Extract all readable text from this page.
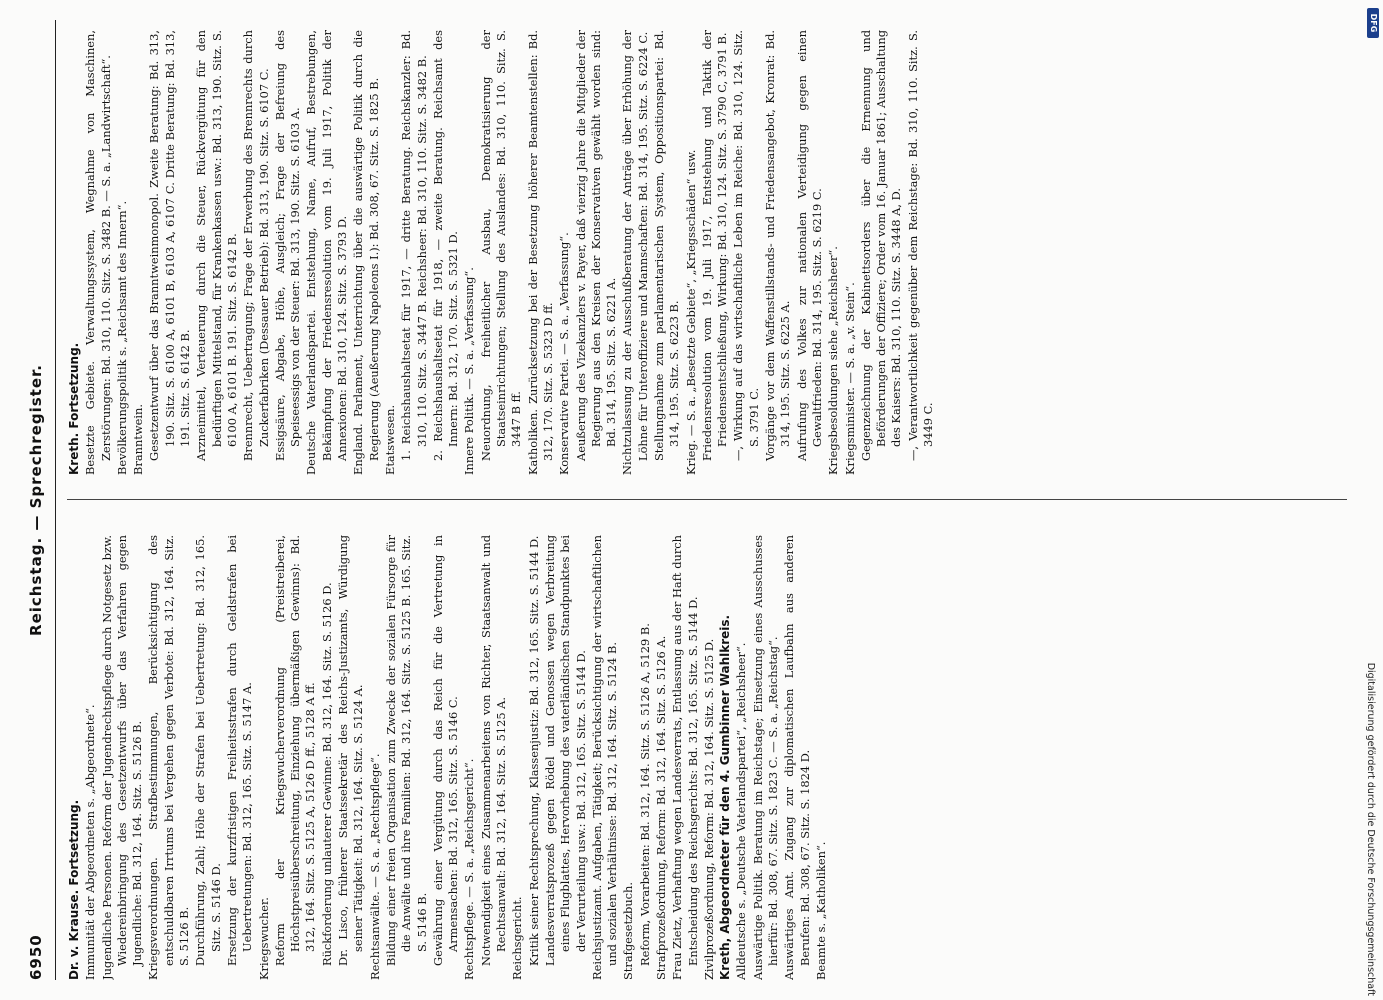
6950
Reichstag. — Sprechregister.

Dr. v. Krause. Fortsetzung. Immunität der Abgeordneten s. „Abgeordnete“. Jugendliche Personen. Reform der Jugendrechtspflege durch Notgesetz bzw. Wiedereinbringung des Gesetzentwurfs über das Verfahren gegen Jugendliche: Bd. 312, 164. Sitz. S. 5126 B. Kriegsverordnungen. Strafbestimmungen, Berücksichtigung des entschuldbaren Irrtums bei Vergehen gegen Verbote: Bd. 312, 164. Sitz. S. 5126 B. Durchführung, Zahl; Höhe der Strafen bei Uebertretung: Bd. 312, 165. Sitz. S. 5146 D. Ersetzung der kurzfristigen Freiheitsstrafen durch Geldstrafen bei Uebertretungen: Bd. 312, 165. Sitz. S. 5147 A. Kriegswucher. Reform der Kriegswucherverordnung (Preistreiberei, Höchstpreisüberschreitung, Einziehung übermäßigen Gewinns): Bd. 312, 164. Sitz. S. 5125 A, 5126 D ff., 5128 A ff. Rückforderung unlauterer Gewinne: Bd. 312, 164. Sitz. S. 5126 D. Dr. Lisco, früherer Staatssekretär des Reichs-Justizamts, Würdigung seiner Tätigkeit: Bd. 312, 164. Sitz. S. 5124 A. Rechtsanwälte. — S. a. „Rechtspflege“. Bildung einer freien Organisation zum Zwecke der sozialen Fürsorge für die Anwälte und ihre Familien: Bd. 312, 164. Sitz. S. 5125 B. 165. Sitz. S. 5146 B. Gewährung einer Vergütung durch das Reich für die Vertretung in Armensachen: Bd. 312, 165. Sitz. S. 5146 C. Rechtspflege. — S. a. „Reichsgericht“. Notwendigkeit eines Zusammenarbeitens von Richter, Staatsanwalt und Rechtsanwalt: Bd. 312, 164. Sitz. S. 5125 A. Reichsgericht. Kritik seiner Rechtsprechung, Klassenjustiz: Bd. 312, 165. Sitz. S. 5144 D. Landesverratsprozeß gegen Rödel und Genossen wegen Verbreitung eines Flugblattes, Hervorhebung des vaterländischen Standpunktes bei der Verurteilung usw.: Bd. 312, 165. Sitz. S. 5144 D. Reichsjustizamt. Aufgaben, Tätigkeit; Berücksichtigung der wirtschaftlichen und sozialen Verhältnisse: Bd. 312, 164. Sitz. S. 5124 B. Strafgesetzbuch. Reform, Vorarbeiten: Bd. 312, 164. Sitz. S. 5126 A, 5129 B. Strafprozeßordnung, Reform: Bd. 312, 164. Sitz. S. 5126 A. Frau Zietz, Verhaftung wegen Landesverrats, Entlassung aus der Haft durch Entscheidung des Reichsgerichts: Bd. 312, 165. Sitz. S. 5144 D. Zivilprozeßordnung, Reform: Bd. 312, 164. Sitz. S. 5125 D. Kreth, Abgeordneter für den 4. Gumbinner Wahlkreis. Alldeutsche s. „Deutsche Vaterlandspartei“, „Reichsheer“. Auswärtige Politik. Beratung im Reichstage; Einsetzung eines Ausschusses hierfür: Bd. 308, 67. Sitz. S. 1823 C. — S. a. „Reichstag“. Auswärtiges Amt. Zugang zur diplomatischen Laufbahn aus anderen Berufen: Bd. 308, 67. Sitz. S. 1824 D. Beamte s. „Katholiken“.

Kreth. Fortsetzung. Besetzte Gebiete. Verwaltungssystem, Wegnahme von Maschinen, Zerstörungen: Bd. 310, 110. Sitz. S. 3482 B. — S. a. „Landwirtschaft“. Bevölkerungspolitik s. „Reichsamt des Innern“. Branntwein. Gesetzentwurf über das Branntweinmonopol. Zweite Beratung: Bd. 313, 190. Sitz. S. 6100 A, 6101 B, 6103 A, 6107 C. Dritte Beratung: Bd. 313, 191. Sitz. S. 6142 B. Arzneimittel, Verteuerung durch die Steuer, Rückvergütung für den bedürftigen Mittelstand, für Krankenkassen usw.: Bd. 313, 190. Sitz. S. 6100 A, 6101 B. 191. Sitz. S. 6142 B. Brennrecht, Uebertragung; Frage der Erwerbung des Brennrechts durch Zuckerfabriken (Dessauer Betrieb): Bd. 313, 190. Sitz. S. 6107 C. Essigsäure, Abgabe, Höhe, Ausgleich; Frage der Befreiung des Speiseessigs von der Steuer: Bd. 313, 190. Sitz. S. 6103 A. Deutsche Vaterlandspartei. Entstehung, Name, Aufruf, Bestrebungen, Bekämpfung der Friedensresolution vom 19. Juli 1917, Politik der Annexionen: Bd. 310, 124. Sitz. S. 3793 D. England. Parlament, Unterrichtung über die auswärtige Politik durch die Regierung (Aeußerung Napoleons I.): Bd. 308, 67. Sitz. S. 1825 B. Etatswesen. 1. Reichshaushaltsetat für 1917, — dritte Beratung. Reichskanzler: Bd. 310, 110. Sitz. S. 3447 B. Reichsheer: Bd. 310, 110. Sitz. S. 3482 B. 2. Reichshaushaltsetat für 1918, — zweite Beratung. Reichsamt des Innern: Bd. 312, 170. Sitz. S. 5321 D. Innere Politik. — S. a. „Verfassung“. Neuordnung, freiheitlicher Ausbau, Demokratisierung der Staatseinrichtungen; Stellung des Auslandes: Bd. 310, 110. Sitz. S. 3447 B ff. Katholiken. Zurücksetzung bei der Besetzung höherer Beamtenstellen: Bd. 312, 170. Sitz. S. 5323 D ff. Konservative Partei. — S. a. „Verfassung“. Aeußerung des Vizekanzlers v. Payer, daß vierzig Jahre die Mitglieder der Regierung aus den Kreisen der Konservativen gewählt worden sind: Bd. 314, 195. Sitz. S. 6221 A. Nichtzulassung zu der Ausschußberatung der Anträge über Erhöhung der Löhne für Unteroffiziere und Mannschaften: Bd. 314, 195. Sitz. S. 6224 C. Stellungnahme zum parlamentarischen System, Oppositionspartei: Bd. 314, 195. Sitz. S. 6223 B. Krieg. — S. a. „Besetzte Gebiete“, „Kriegsschäden“ usw. Friedensresolution vom 19. Juli 1917, Entstehung und Taktik der Friedensentschließung, Wirkung: Bd. 310, 124. Sitz. S. 3790 C, 3791 B. —, Wirkung auf das wirtschaftliche Leben im Reiche: Bd. 310, 124. Sitz. S. 3791 C. Vorgänge vor dem Waffenstillstands- und Friedensangebot, Kronrat: Bd. 314, 195. Sitz. S. 6225 A. Aufrufung des Volkes zur nationalen Verteidigung gegen einen Gewaltfrieden: Bd. 314, 195. Sitz. S. 6219 C. Kriegsbesoldungen siehe „Reichsheer“. Kriegsminister. — S. a. „v. Stein“. Gegenzeichnung der Kabinettsorders über die Ernennung und Beförderungen der Offiziere; Order vom 16. Januar 1861; Ausschaltung des Kaisers: Bd. 310, 110. Sitz. S. 3448 A, D. —, Verantwortlichkeit gegenüber dem Reichstage: Bd. 310, 110. Sitz. S. 3449 C.

Digitalisierung gefördert durch die Deutsche Forschungsgemeinschaft
DFG
